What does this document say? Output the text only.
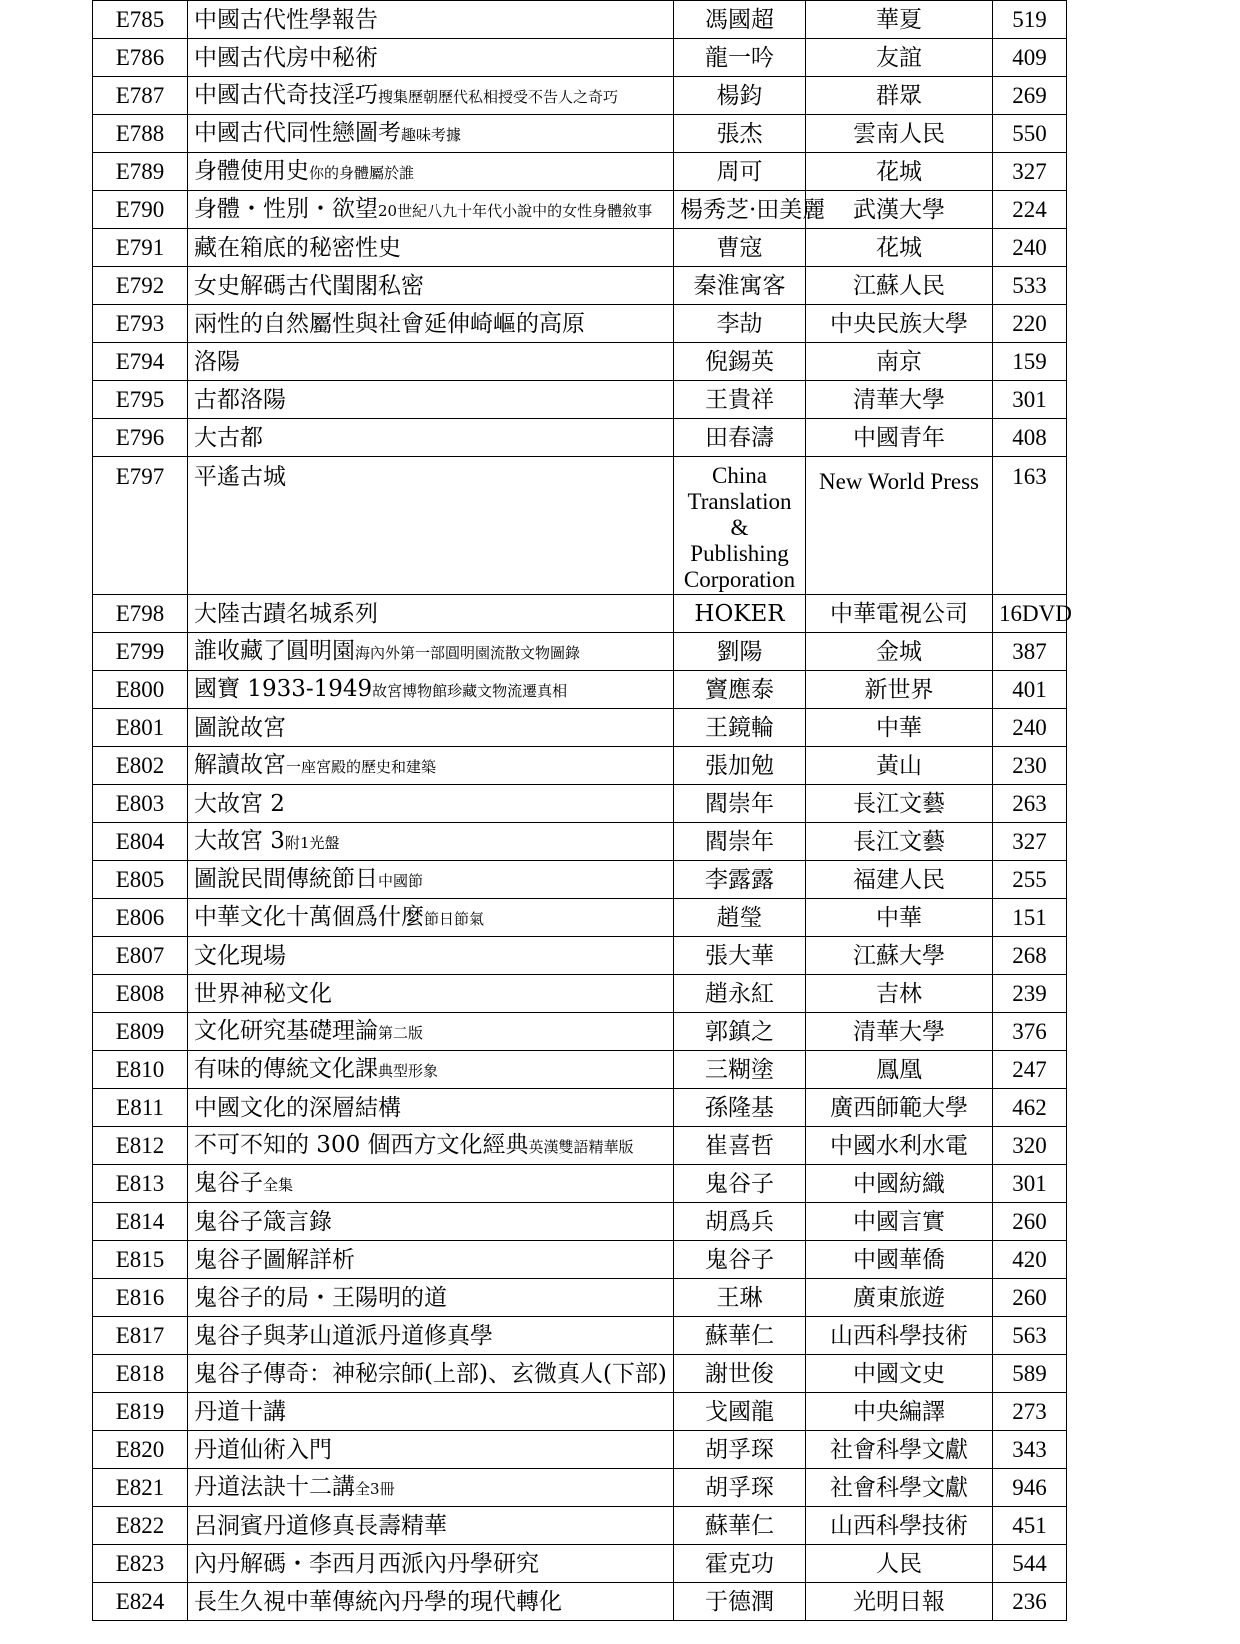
E785	中國古代性學報告	馮國超	華夏	519
E786	中國古代房中秘術	龍一吟	友誼	409
E787	中國古代奇技淫巧搜集歷朝歷代私相授受不告人之奇巧	楊鈞	群眾	269
E788	中國古代同性戀圖考趣味考據	張杰	雲南人民	550
E789	身體使用史你的身體屬於誰	周可	花城	327
E790	身體・性別・欲望20世紀八九十年代小說中的女性身體敘事	楊秀芝·田美麗	武漢大學	224
E791	藏在箱底的秘密性史	曹寇	花城	240
E792	女史解碼古代閨閣私密	秦淮寓客	江蘇人民	533
E793	兩性的自然屬性與社會延伸崎嶇的高原	李劼	中央民族大學	220
E794	洛陽	倪錫英	南京	159
E795	古都洛陽	王貴祥	清華大學	301
E796	大古都	田春濤	中國青年	408
E797	平遙古城	China Translation & Publishing Corporation	New World Press	163
E798	大陸古蹟名城系列	HOKER	中華電視公司	16DVD
E799	誰收藏了圓明園海內外第一部圓明園流散文物圖錄	劉陽	金城	387
E800	國寶 1933-1949故宮博物館珍藏文物流遷真相	竇應泰	新世界	401
E801	圖說故宮	王鏡輪	中華	240
E802	解讀故宮一座宮殿的歷史和建築	張加勉	黃山	230
E803	大故宮 2	閻崇年	長江文藝	263
E804	大故宮 3附1光盤	閻崇年	長江文藝	327
E805	圖說民間傳統節日中國節	李露露	福建人民	255
E806	中華文化十萬個爲什麼節日節氣	趙瑩	中華	151
E807	文化現場	張大華	江蘇大學	268
E808	世界神秘文化	趙永紅	吉林	239
E809	文化研究基礎理論第二版	郭鎮之	清華大學	376
E810	有味的傳統文化課典型形象	三糊塗	鳳凰	247
E811	中國文化的深層結構	孫隆基	廣西師範大學	462
E812	不可不知的 300 個西方文化經典英漢雙語精華版	崔喜哲	中國水利水電	320
E813	鬼谷子全集	鬼谷子	中國紡織	301
E814	鬼谷子箴言錄	胡爲兵	中國言實	260
E815	鬼谷子圖解詳析	鬼谷子	中國華僑	420
E816	鬼谷子的局・王陽明的道	王琳	廣東旅遊	260
E817	鬼谷子與茅山道派丹道修真學	蘇華仁	山西科學技術	563
E818	鬼谷子傳奇：神秘宗師(上部)、玄微真人(下部)	謝世俊	中國文史	589
E819	丹道十講	戈國龍	中央編譯	273
E820	丹道仙術入門	胡孚琛	社會科學文獻	343
E821	丹道法訣十二講全3冊	胡孚琛	社會科學文獻	946
E822	呂洞賓丹道修真長壽精華	蘇華仁	山西科學技術	451
E823	內丹解碼・李西月西派內丹學研究	霍克功	人民	544
E824	長生久視中華傳統內丹學的現代轉化	于德潤	光明日報	236
